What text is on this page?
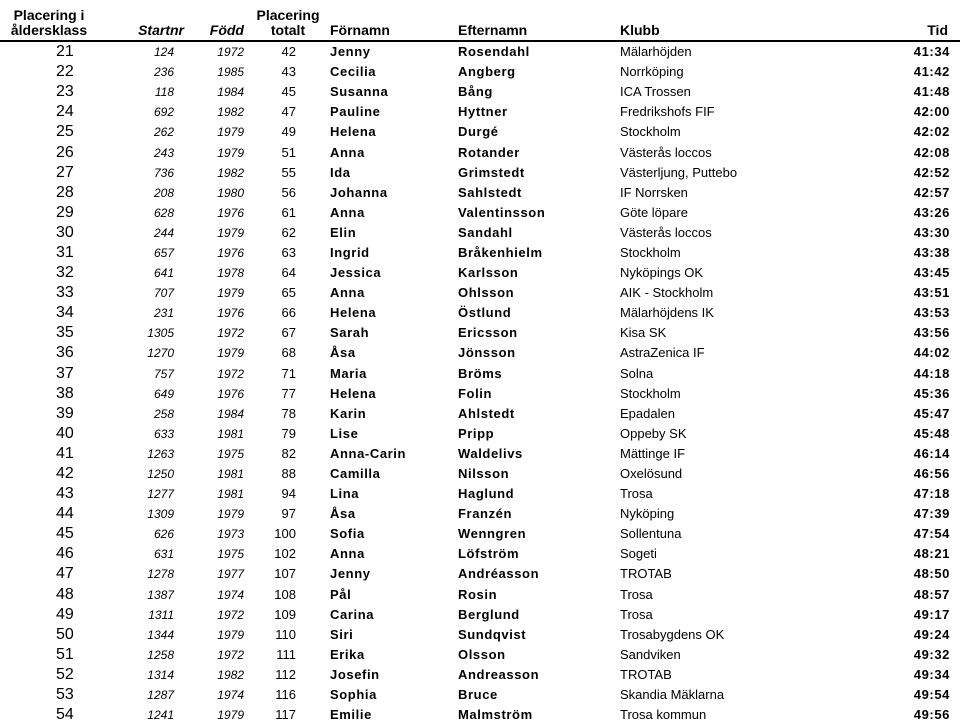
Placering i
åldersklass	Startnr	Född	Placering
totalt	Förnamn	Efternamn	Klubb	Tid
21	124	1972	42	Jenny	Rosendahl	Mälarhöjden	41:34
22	236	1985	43	Cecilia	Angberg	Norrköping	41:42
23	118	1984	45	Susanna	Bång	ICA Trossen	41:48
24	692	1982	47	Pauline	Hyttner	Fredrikshofs FIF	42:00
25	262	1979	49	Helena	Durgé	Stockholm	42:02
26	243	1979	51	Anna	Rotander	Västerås loccos	42:08
27	736	1982	55	Ida	Grimstedt	Västerljung, Puttebo	42:52
28	208	1980	56	Johanna	Sahlstedt	IF Norrsken	42:57
29	628	1976	61	Anna	Valentinsson	Göte löpare	43:26
30	244	1979	62	Elin	Sandahl	Västerås loccos	43:30
31	657	1976	63	Ingrid	Bråkenhielm	Stockholm	43:38
32	641	1978	64	Jessica	Karlsson	Nyköpings OK	43:45
33	707	1979	65	Anna	Ohlsson	AIK - Stockholm	43:51
34	231	1976	66	Helena	Östlund	Mälarhöjdens IK	43:53
35	1305	1972	67	Sarah	Ericsson	Kisa SK	43:56
36	1270	1979	68	Åsa	Jönsson	AstraZenica IF	44:02
37	757	1972	71	Maria	Bröms	Solna	44:18
38	649	1976	77	Helena	Folin	Stockholm	45:36
39	258	1984	78	Karin	Ahlstedt	Epadalen	45:47
40	633	1981	79	Lise	Pripp	Oppeby SK	45:48
41	1263	1975	82	Anna-Carin	Waldelivs	Mättinge IF	46:14
42	1250	1981	88	Camilla	Nilsson	Oxelösund	46:56
43	1277	1981	94	Lina	Haglund	Trosa	47:18
44	1309	1979	97	Åsa	Franzén	Nyköping	47:39
45	626	1973	100	Sofia	Wenngren	Sollentuna	47:54
46	631	1975	102	Anna	Löfström	Sogeti	48:21
47	1278	1977	107	Jenny	Andréasson	TROTAB	48:50
48	1387	1974	108	Pål	Rosin	Trosa	48:57
49	1311	1972	109	Carina	Berglund	Trosa	49:17
50	1344	1979	110	Siri	Sundqvist	Trosabygdens OK	49:24
51	1258	1972	111	Erika	Olsson	Sandviken	49:32
52	1314	1982	112	Josefin	Andreasson	TROTAB	49:34
53	1287	1974	116	Sophia	Bruce	Skandia Mäklarna	49:54
54	1241	1979	117	Emilie	Malmström	Trosa kommun	49:56
